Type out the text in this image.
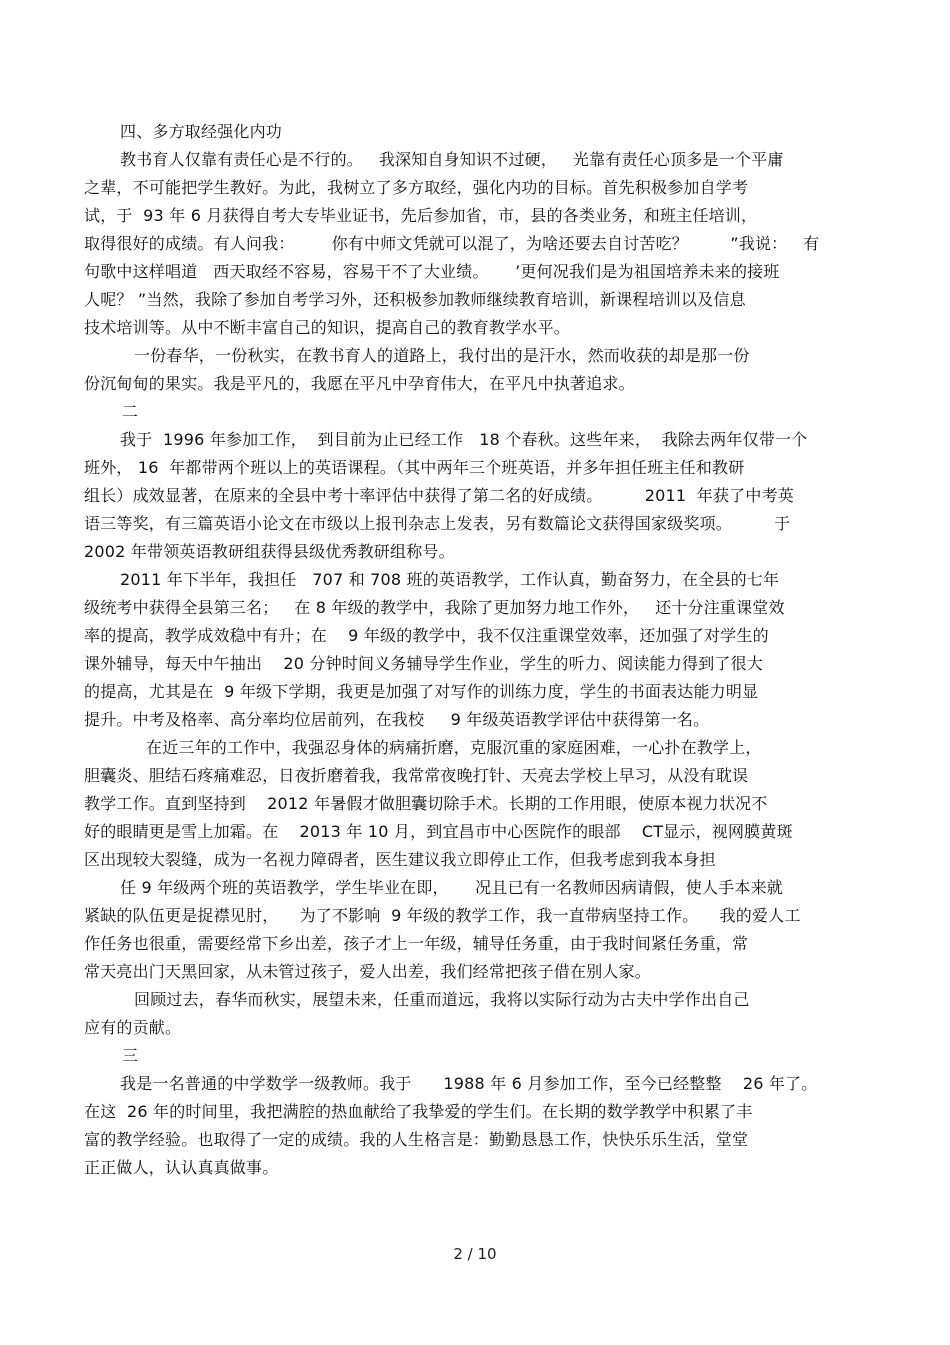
四、多方取经强化内功
教书育人仅靠有责任心是不行的。   我深知自身知识不过硬，   光靠有责任心顶多是一个平庸
之辈，不可能把学生教好。为此，我树立了多方取经，强化内功的目标。首先积极参加自学考
试，于  93 年 6 月获得自考大专毕业证书，先后参加省，市，县的各类业务，和班主任培训，
取得很好的成绩。有人问我：       你有中师文凭就可以混了，为啥还要去自讨苦吃？        ”我说：   有
句歌中这样唱道   西天取经不容易，容易干不了大业绩。     ’更何况我们是为祖国培养未来的接班
人呢？ ”当然，我除了参加自考学习外，还积极参加教师继续教育培训，新课程培训以及信息
技术培训等。从中不断丰富自己的知识，提高自己的教育教学水平。
一份春华，一份秋实，在教书育人的道路上，我付出的是汗水，然而收获的却是那一份
份沉甸甸的果实。我是平凡的，我愿在平凡中孕育伟大，在平凡中执著追求。
二
我于  1996 年参加工作，  到目前为止已经工作   18 个春秋。这些年来，  我除去两年仅带一个
班外， 16  年都带两个班以上的英语课程。（其中两年三个班英语，并多年担任班主任和教研
组长）成效显著，在原来的全县中考十率评估中获得了第二名的好成绩。        2011  年获了中考英
语三等奖，有三篇英语小论文在市级以上报刊杂志上发表，另有数篇论文获得国家级奖项。        于
2002 年带领英语教研组获得县级优秀教研组称号。
2011 年下半年，我担任   707 和 708 班的英语教学，工作认真，勤奋努力，在全县的七年
级统考中获得全县第三名；   在 8 年级的教学中，我除了更加努力地工作外，   还十分注重课堂效
率的提高，教学成效稳中有升；在    9 年级的教学中，我不仅注重课堂效率，还加强了对学生的
课外辅导，每天中午抽出    20 分钟时间义务辅导学生作业，学生的听力、阅读能力得到了很大
的提高，尤其是在  9 年级下学期，我更是加强了对写作的训练力度，学生的书面表达能力明显
提升。中考及格率、高分率均位居前列，在我校     9 年级英语教学评估中获得第一名。
在近三年的工作中，我强忍身体的病痛折磨，克服沉重的家庭困难，一心扑在教学上，
胆囊炎、胆结石疼痛难忍，日夜折磨着我，我常常夜晚打针、天亮去学校上早习，从没有耽误
教学工作。直到坚持到    2012 年暑假才做胆囊切除手术。长期的工作用眼，使原本视力状况不
好的眼睛更是雪上加霜。在    2013 年 10 月，到宜昌市中心医院作的眼部    CT显示，视网膜黄斑
区出现较大裂缝，成为一名视力障碍者，医生建议我立即停止工作，但我考虑到我本身担
任 9 年级两个班的英语教学，学生毕业在即，     况且已有一名教师因病请假，使人手本来就
紧缺的队伍更是捉襟见肘，    为了不影响  9 年级的教学工作，我一直带病坚持工作。    我的爱人工
作任务也很重，需要经常下乡出差，孩子才上一年级，辅导任务重，由于我时间紧任务重，常
常天亮出门天黑回家，从未管过孩子，爱人出差，我们经常把孩子借在别人家。
回顾过去，春华而秋实，展望未来，任重而道远，我将以实际行动为古夫中学作出自己
应有的贡献。
三
我是一名普通的中学数学一级教师。我于      1988 年 6 月参加工作，至今已经整整    26 年了。
在这  26 年的时间里，我把满腔的热血献给了我挚爱的学生们。在长期的数学教学中积累了丰
富的教学经验。也取得了一定的成绩。我的人生格言是：勤勤恳恳工作，快快乐乐生活，堂堂
正正做人，认认真真做事。
2 / 10
